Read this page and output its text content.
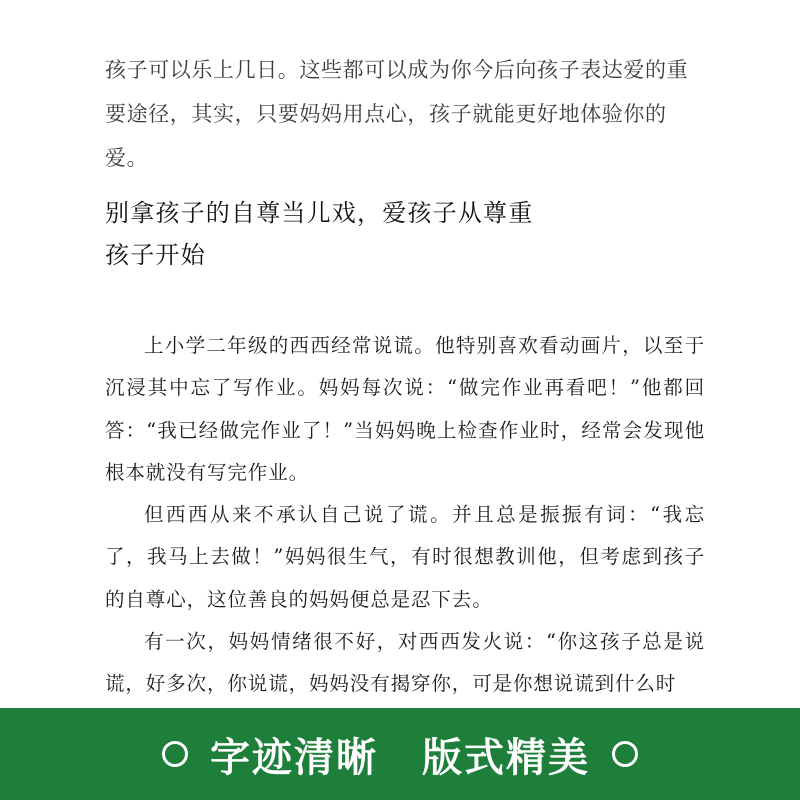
孩子可以乐上几日。这些都可以成为你今后向孩子表达爱的重

要途径，其实，只要妈妈用点心，孩子就能更好地体验你的爱。

别拿孩子的自尊当儿戏，爱孩子从尊重
孩子开始

上小学二年级的西西经常说谎。他特别喜欢看动画片，以至于沉浸其中忘了写作业。妈妈每次说：“做完作业再看吧！”他都回答：“我已经做完作业了！”当妈妈晚上检查作业时，经常会发现他根本就没有写完作业。

但西西从来不承认自己说了谎。并且总是振振有词：“我忘了，我马上去做！”妈妈很生气，有时很想教训他，但考虑到孩子的自尊心，这位善良的妈妈便总是忍下去。

有一次，妈妈情绪很不好，对西西发火说：“你这孩子总是说谎，好多次，你说谎，妈妈没有揭穿你，可是你想说谎到什么时

字迹清晰 版式精美
